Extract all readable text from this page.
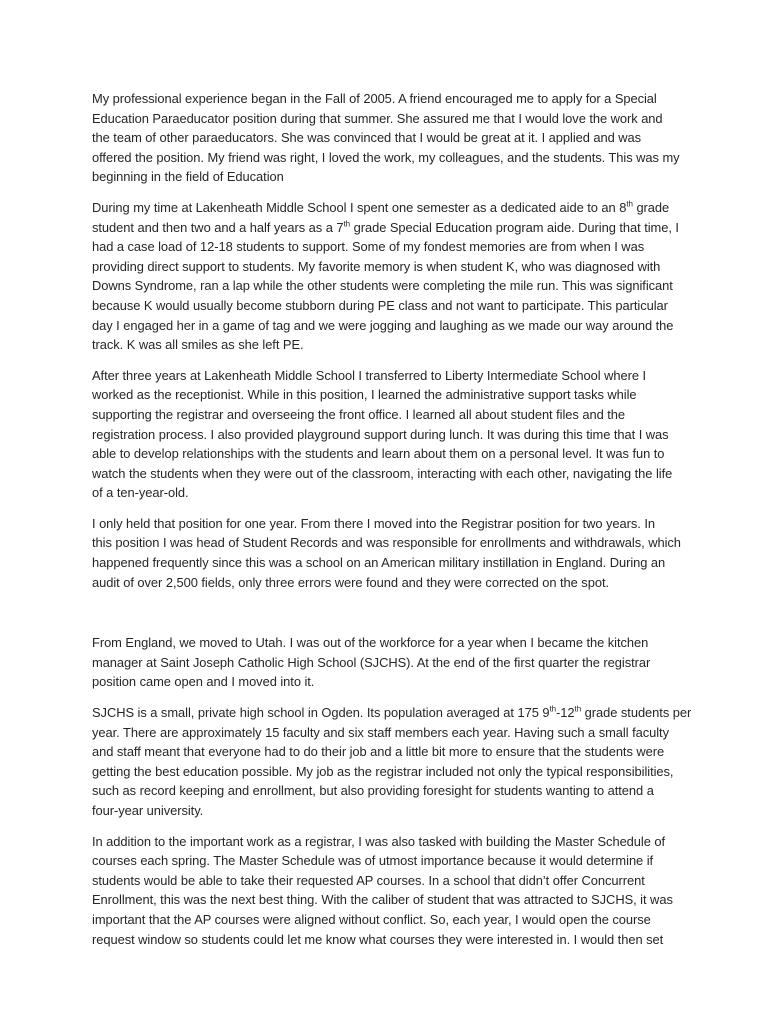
My professional experience began in the Fall of 2005. A friend encouraged me to apply for a Special
Education Paraeducator position during that summer. She assured me that I would love the work and
the team of other paraeducators. She was convinced that I would be great at it. I applied and was
offered the position. My friend was right, I loved the work, my colleagues, and the students. This was my
beginning in the field of Education

During my time at Lakenheath Middle School I spent one semester as a dedicated aide to an 8th grade
student and then two and a half years as a 7th grade Special Education program aide. During that time, I
had a case load of 12-18 students to support. Some of my fondest memories are from when I was
providing direct support to students. My favorite memory is when student K, who was diagnosed with
Downs Syndrome, ran a lap while the other students were completing the mile run. This was significant
because K would usually become stubborn during PE class and not want to participate. This particular
day I engaged her in a game of tag and we were jogging and laughing as we made our way around the
track. K was all smiles as she left PE.

After three years at Lakenheath Middle School I transferred to Liberty Intermediate School where I
worked as the receptionist. While in this position, I learned the administrative support tasks while
supporting the registrar and overseeing the front office. I learned all about student files and the
registration process. I also provided playground support during lunch. It was during this time that I was
able to develop relationships with the students and learn about them on a personal level. It was fun to
watch the students when they were out of the classroom, interacting with each other, navigating the life
of a ten-year-old.

I only held that position for one year. From there I moved into the Registrar position for two years. In
this position I was head of Student Records and was responsible for enrollments and withdrawals, which
happened frequently since this was a school on an American military instillation in England. During an
audit of over 2,500 fields, only three errors were found and they were corrected on the spot.

From England, we moved to Utah. I was out of the workforce for a year when I became the kitchen
manager at Saint Joseph Catholic High School (SJCHS). At the end of the first quarter the registrar
position came open and I moved into it.

SJCHS is a small, private high school in Ogden. Its population averaged at 175 9th-12th grade students per
year. There are approximately 15 faculty and six staff members each year. Having such a small faculty
and staff meant that everyone had to do their job and a little bit more to ensure that the students were
getting the best education possible. My job as the registrar included not only the typical responsibilities,
such as record keeping and enrollment, but also providing foresight for students wanting to attend a
four-year university.

In addition to the important work as a registrar, I was also tasked with building the Master Schedule of
courses each spring. The Master Schedule was of utmost importance because it would determine if
students would be able to take their requested AP courses. In a school that didn’t offer Concurrent
Enrollment, this was the next best thing. With the caliber of student that was attracted to SJCHS, it was
important that the AP courses were aligned without conflict. So, each year, I would open the course
request window so students could let me know what courses they were interested in. I would then set
